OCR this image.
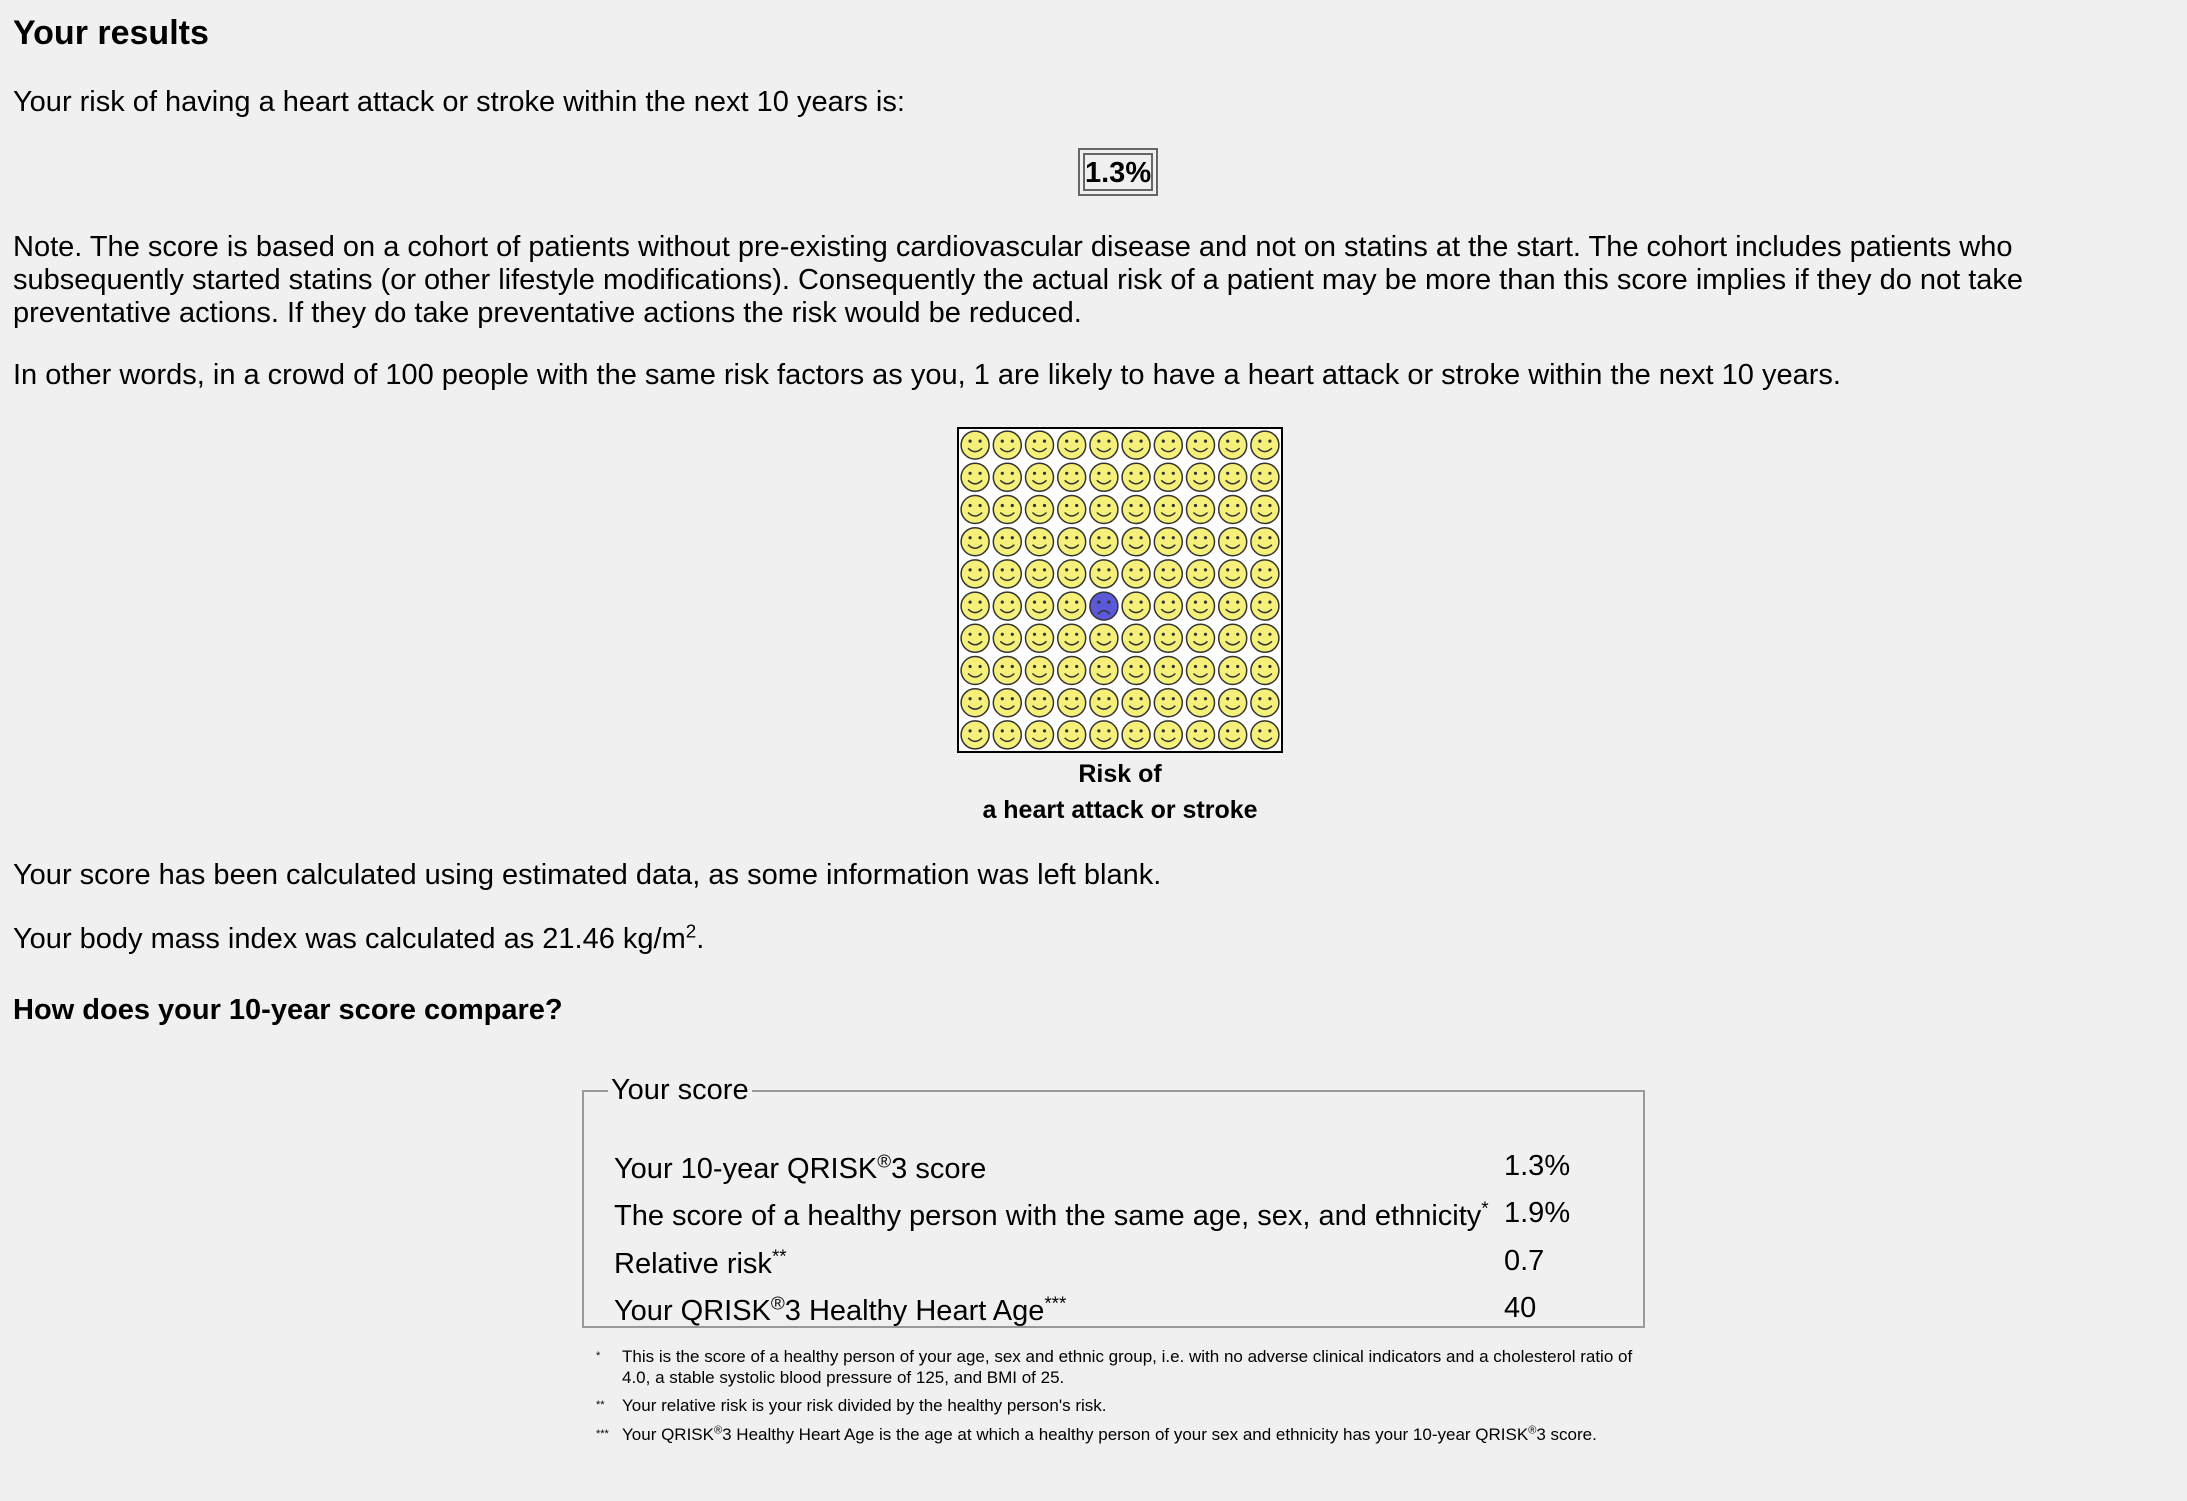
Your results

Your risk of having a heart attack or stroke within the next 10 years is:

1.3%

Note. The score is based on a cohort of patients without pre-existing cardiovascular disease and not on statins at the start. The cohort includes patients who subsequently started statins (or other lifestyle modifications). Consequently the actual risk of a patient may be more than this score implies if they do not take preventative actions. If they do take preventative actions the risk would be reduced.

In other words, in a crowd of 100 people with the same risk factors as you, 1 are likely to have a heart attack or stroke within the next 10 years.

Risk of
a heart attack or stroke

Your score has been calculated using estimated data, as some information was left blank.

Your body mass index was calculated as 21.46 $kg/m^2$.

How does your 10-year score compare?
Your score
Your 10-year QRISK®3 score	1.3%
The score of a healthy person with the same age, sex, and ethnicity* 1.9%
Relative risk**	0.7
Your QRISK®3 Healthy Heart Age***	40
* This is the score of a healthy person of your age, sex and ethnic group, i.e. with no adverse clinical indicators and a cholesterol ratio of 4.0, a stable systolic blood pressure of 125, and BMI of 25.
** Your relative risk is your risk divided by the healthy person's risk.
*** Your QRISK®3 Healthy Heart Age is the age at which a healthy person of your sex and ethnicity has your 10-year QRISK®3 score.
